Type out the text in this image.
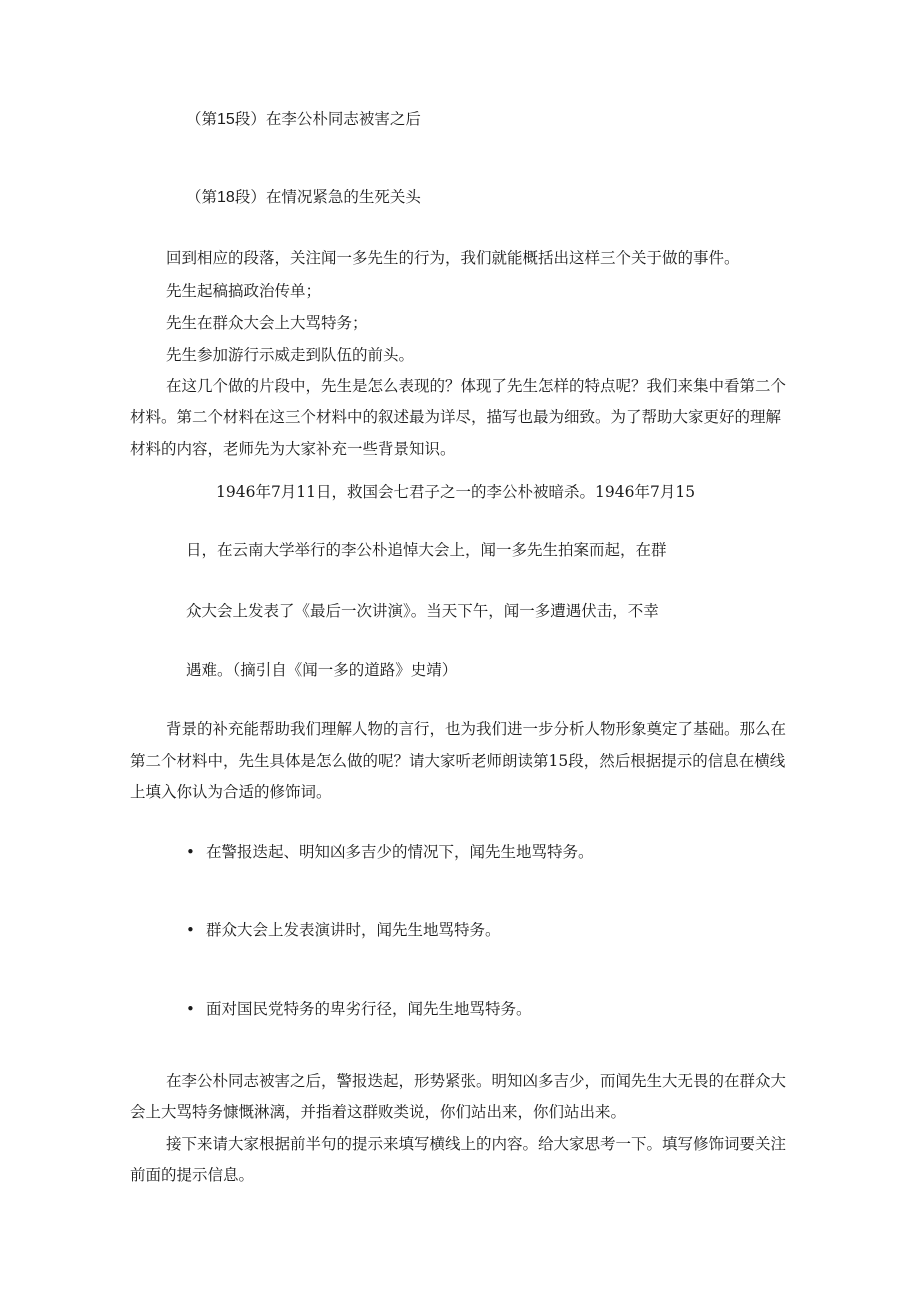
（第15段）在李公朴同志被害之后
（第18段）在情况紧急的生死关头
回到相应的段落，关注闻一多先生的行为，我们就能概括出这样三个关于做的事件。
先生起稿搞政治传单；
先生在群众大会上大骂特务；
先生参加游行示威走到队伍的前头。
在这几个做的片段中，先生是怎么表现的？体现了先生怎样的特点呢？我们来集中看第二个
材料。第二个材料在这三个材料中的叙述最为详尽，描写也最为细致。为了帮助大家更好的理解
材料的内容，老师先为大家补充一些背景知识。
1946年7月11日，救国会七君子之一的李公朴被暗杀。1946年7月15
日，在云南大学举行的李公朴追悼大会上，闻一多先生拍案而起，在群
众大会上发表了《最后一次讲演》。当天下午，闻一多遭遇伏击，不幸
遇难。（摘引自《闻一多的道路》史靖）
背景的补充能帮助我们理解人物的言行，也为我们进一步分析人物形象奠定了基础。那么在
第二个材料中，先生具体是怎么做的呢？请大家听老师朗读第15段，然后根据提示的信息在横线
上填入你认为合适的修饰词。
• 在警报迭起、明知凶多吉少的情况下，闻先生地骂特务。
• 群众大会上发表演讲时，闻先生地骂特务。
• 面对国民党特务的卑劣行径，闻先生地骂特务。
在李公朴同志被害之后，警报迭起，形势紧张。明知凶多吉少，而闻先生大无畏的在群众大
会上大骂特务慷慨淋漓，并指着这群败类说，你们站出来，你们站出来。
接下来请大家根据前半句的提示来填写横线上的内容。给大家思考一下。填写修饰词要关注
前面的提示信息。
